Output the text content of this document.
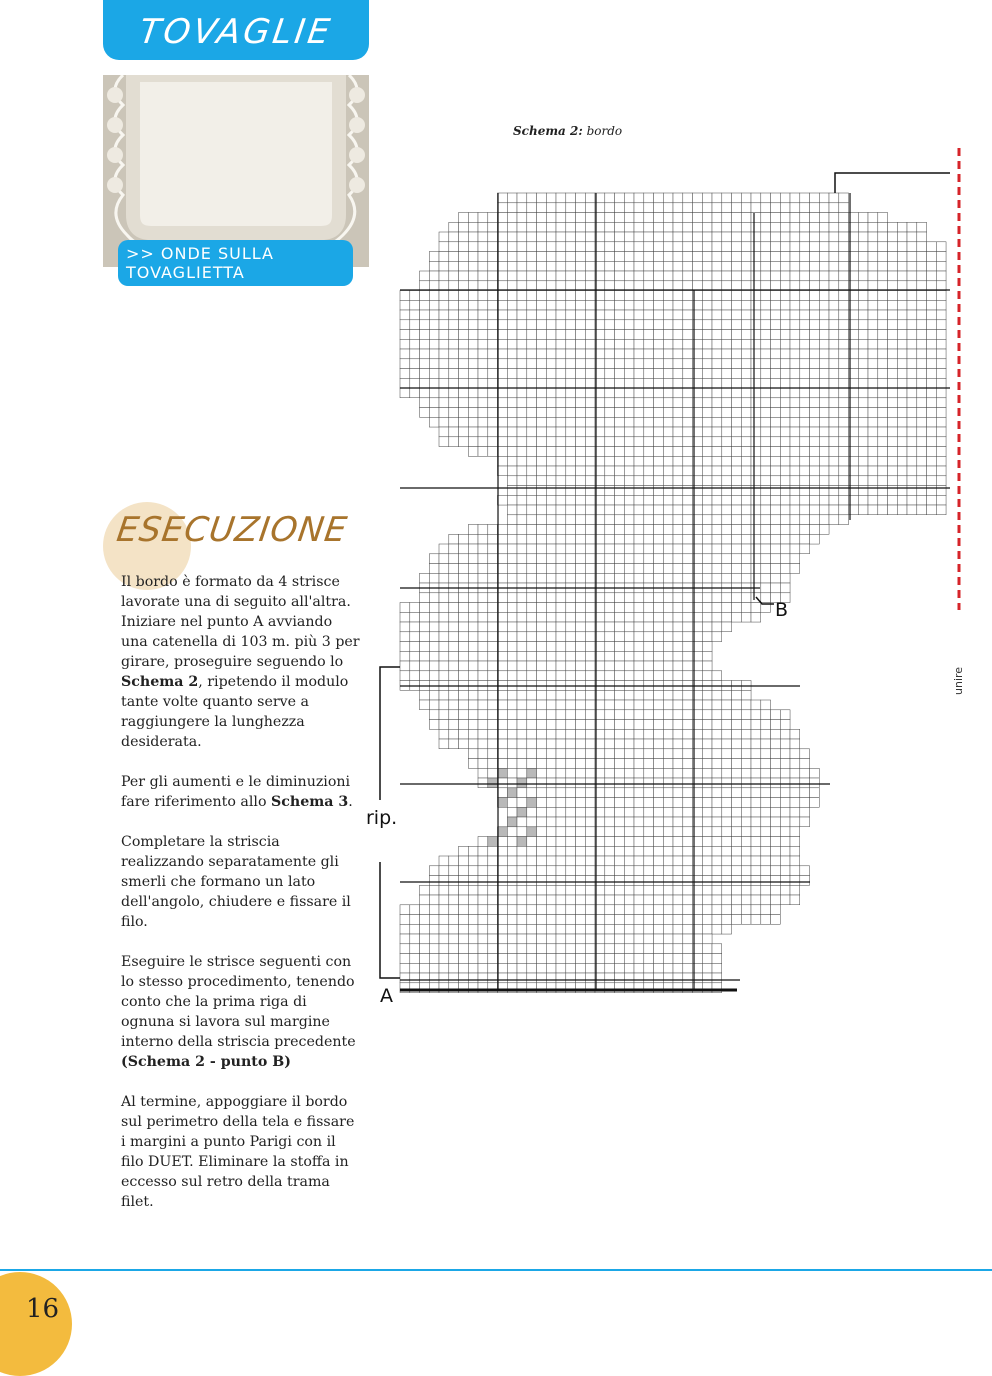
TOVAGLIE
>> ONDE SULLA
TOVAGLIETTA
Schema 2: bordo
B
A
rip.
unire
ESECUZIONE

Il bordo è formato da 4 strisce lavorate una di seguito all'altra. Iniziare nel punto A avviando una catenella di 103 m. più 3 per girare, proseguire seguendo lo Schema 2, ripetendo il modulo tante volte quanto serve a raggiungere la lunghezza desiderata.

Per gli aumenti e le diminuzioni fare riferimento allo Schema 3.

Completare la striscia realizzando separatamente gli smerli che formano un lato dell'angolo, chiudere e fissare il filo.

Eseguire le strisce seguenti con lo stesso procedimento, tenendo conto che la prima riga di ognuna si lavora sul margine interno della striscia precedente (Schema 2 - punto B)

Al termine, appoggiare il bordo sul perimetro della tela e fissare i margini a punto Parigi con il filo DUET. Eliminare la stoffa in eccesso sul retro della trama filet.

16
